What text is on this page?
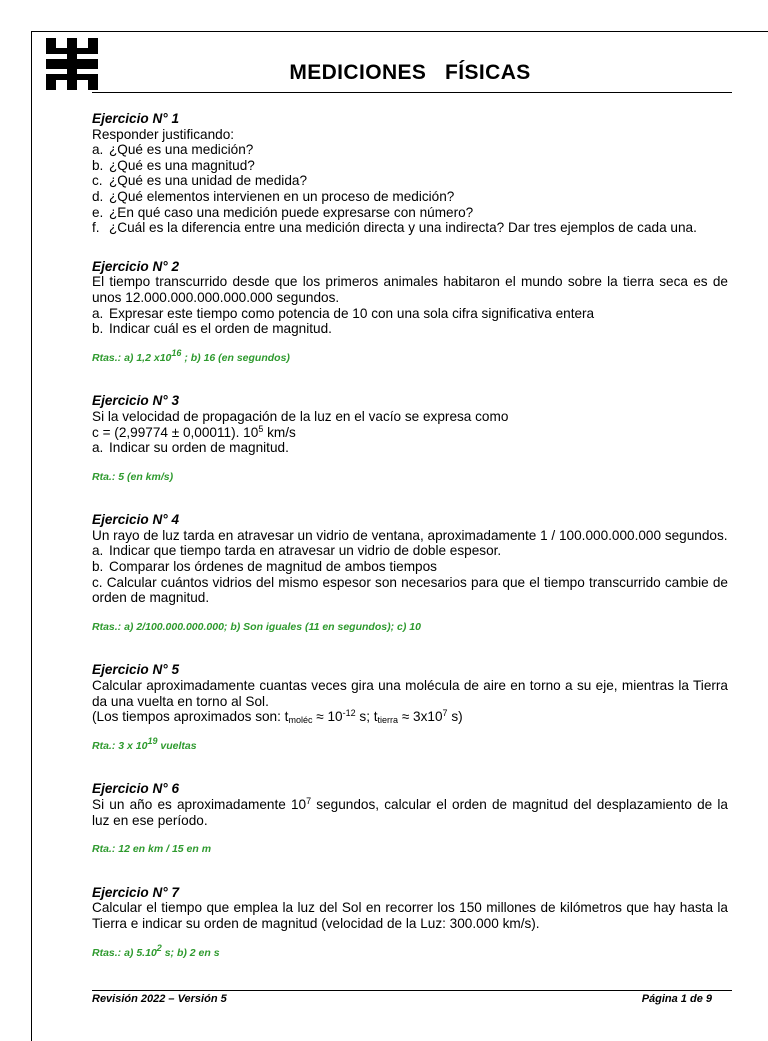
MEDICIONES   FÍSICAS
Ejercicio N° 1
Responder justificando:
a. ¿Qué es una medición?
b. ¿Qué es una magnitud?
c. ¿Qué es una unidad de medida?
d. ¿Qué elementos intervienen en un proceso de medición?
e. ¿En qué caso una medición puede expresarse con número?
f. ¿Cuál es la diferencia entre una medición directa y una indirecta? Dar tres ejemplos de cada una.
Ejercicio N° 2
El tiempo transcurrido desde que los primeros animales habitaron el mundo sobre la tierra seca es de unos 12.000.000.000.000.000 segundos.
a. Expresar este tiempo como potencia de 10 con una sola cifra significativa entera
b. Indicar cuál es el orden de magnitud.
Rtas.: a) 1,2 $x10^{16}$ ; b) 16 (en segundos)
Ejercicio N° 3
Si la velocidad de propagación de la luz en el vacío se expresa como
c = (2,99774 ± 0,00011). $10^5$ km/s
a. Indicar su orden de magnitud.
Rta.: 5 (en km/s)
Ejercicio N° 4
Un rayo de luz tarda en atravesar un vidrio de ventana, aproximadamente 1 / 100.000.000.000 segundos.
a. Indicar que tiempo tarda en atravesar un vidrio de doble espesor.
b. Comparar los órdenes de magnitud de ambos tiempos
c. Calcular cuántos vidrios del mismo espesor son necesarios para que el tiempo transcurrido cambie de orden de magnitud.
Rtas.: a) 2/100.000.000.000; b) Son iguales (11 en segundos); c) 10
Ejercicio N° 5
Calcular aproximadamente cuantas veces gira una molécula de aire en torno a su eje, mientras la Tierra da una vuelta en torno al Sol.
(Los tiempos aproximados son: $t_{moléc} \approx 10^{-12}$ s; $t_{tierra} \approx 3x10^7$ s)
Rta.: 3 x $10^{19}$ vueltas
Ejercicio N° 6
Si un año es aproximadamente $10^7$ segundos, calcular el orden de magnitud del desplazamiento de la luz en ese período.
Rta.: 12 en km / 15 en m
Ejercicio N° 7
Calcular el tiempo que emplea la luz del Sol en recorrer los 150 millones de kilómetros que hay hasta la Tierra e indicar su orden de magnitud (velocidad de la Luz: 300.000 km/s).
Rtas.: a) 5.10$^2$ s; b) 2 en s
Revisión 2022 – Versión 5	Página 1 de 9
